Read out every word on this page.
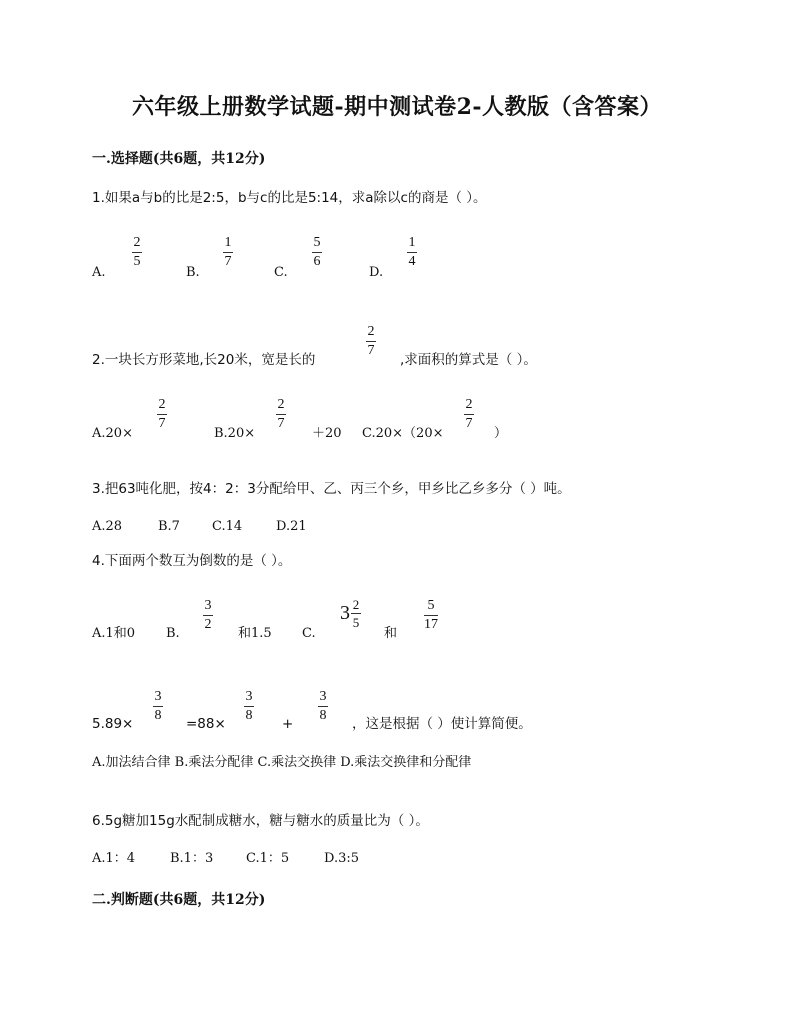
六年级上册数学试题-期中测试卷2-人教版（含答案）
一.选择题(共6题，共12分)
1.如果a与b的比是2:5，b与c的比是5:14，求a除以c的商是（ ）。
A.
2
5
B.
1
7
C.
5
6
D.
1
4
2.一块长方形菜地,长20米，宽是长的
2
7
,求面积的算式是（ ）。
A.20×
2
7
B.20×
2
7
＋20 C.20×（20×
2
7
）
3.把63吨化肥，按4：2：3分配给甲、乙、丙三个乡，甲乡比乙乡多分（ ）吨。
A.28	B.7 C.14	D.21
4.下面两个数互为倒数的是（ ）。
A.1和0 B.
3
2
和1.5 C.
$3 \frac{2}{5}$
和
5
17
5.89×
3
8
=88×
3
8
+
3
8
，这是根据（ ）使计算简便。
A.加法结合律 B.乘法分配律 C.乘法交换律 D.乘法交换律和分配律
6.5g糖加15g水配制成糖水，糖与糖水的质量比为（ ）。
A.1：4	B.1：3	C.1：5	D.3:5
二.判断题(共6题，共12分)
